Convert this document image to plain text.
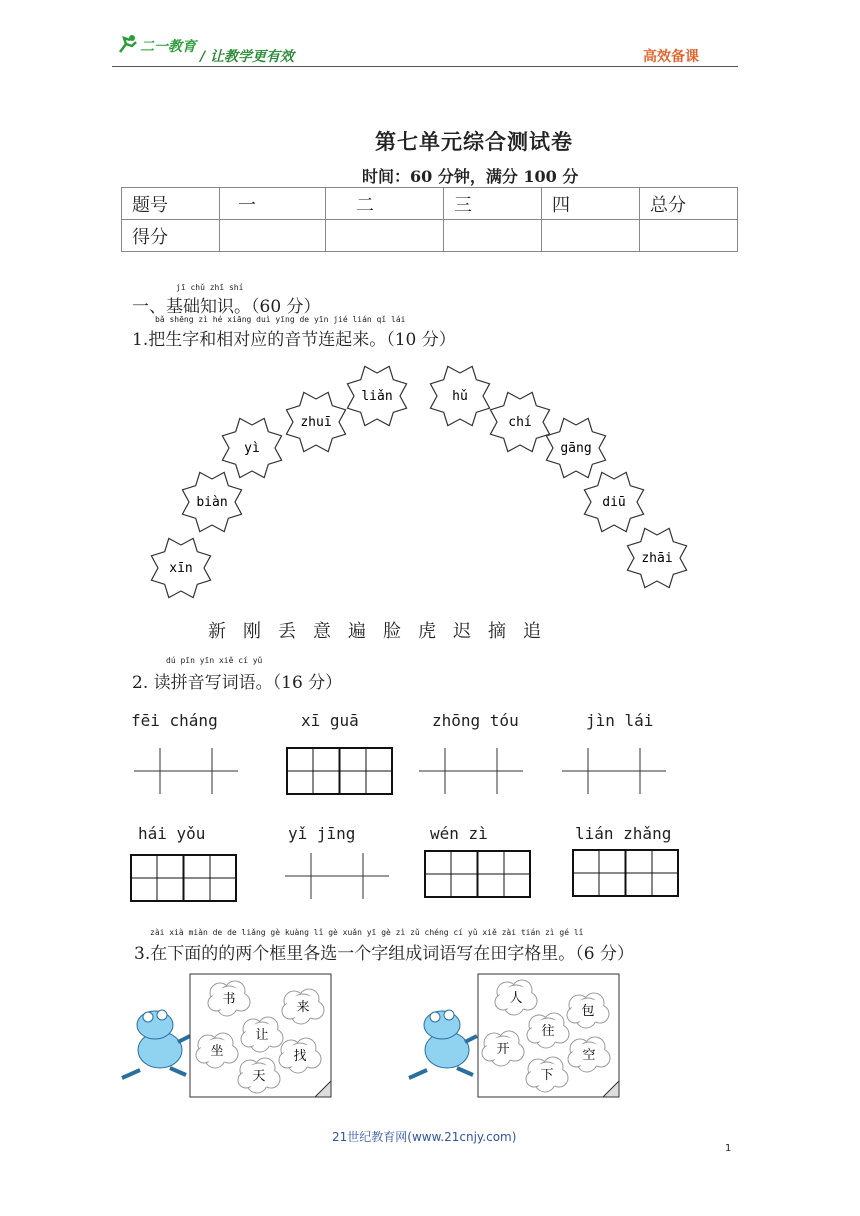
二一教育
/ 让教学更有效	高效备课
第七单元综合测试卷
时间：60 分钟，满分 100 分
题号	一	二	三	四	总分
得分					
jī chǔ zhī shí
一、基础知识。（60 分）
bǎ shēng zì hé xiāng duì yīng de yīn jié lián qǐ lái
1.把生字和相对应的音节连起来。（10 分）
xīn
biàn
yì
zhuī
liǎn	hǔ
chí
gāng
diū
zhāi
新刚丢意遍脸虎迟摘追
dú pīn yīn xiě cí yǔ
2. 读拼音写词语。（16 分）
fēi cháng	xī guā	zhōng tóu	jìn lái
hái yǒu	yǐ jīng	wén zì	lián zhǎng
书
来
让
坐	找
天
人
包
往
开	空
下
zài xià miàn de de liǎng gè kuàng lǐ gè xuǎn yī gè zì zǔ chéng cí yǔ xiě zài tián zì gé lǐ
3.在下面的的两个框里各选一个字组成词语写在田字格里。（6 分）
21世纪教育网(www.21cnjy.com)
1
